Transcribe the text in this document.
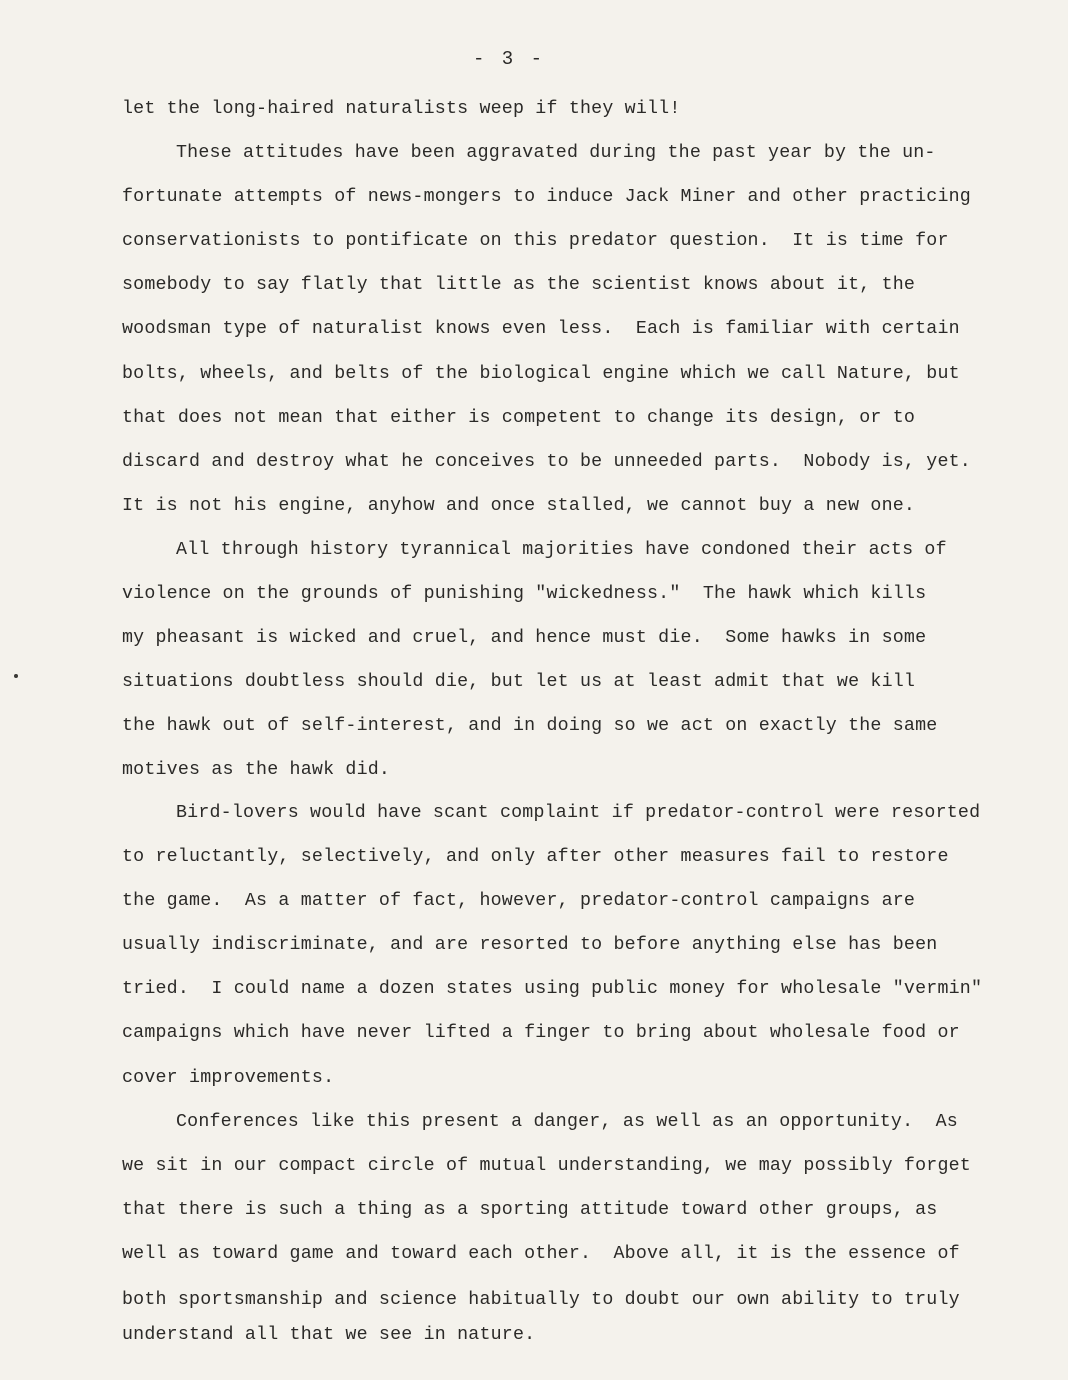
- 3 -
let the long-haired naturalists weep if they will!
These attitudes have been aggravated during the past year by the un-
fortunate attempts of news-mongers to induce Jack Miner and other practicing
conservationists to pontificate on this predator question.  It is time for
somebody to say flatly that little as the scientist knows about it, the
woodsman type of naturalist knows even less.  Each is familiar with certain
bolts, wheels, and belts of the biological engine which we call Nature, but
that does not mean that either is competent to change its design, or to
discard and destroy what he conceives to be unneeded parts.  Nobody is, yet.
It is not his engine, anyhow and once stalled, we cannot buy a new one.
All through history tyrannical majorities have condoned their acts of
violence on the grounds of punishing "wickedness."  The hawk which kills
my pheasant is wicked and cruel, and hence must die.  Some hawks in some
situations doubtless should die, but let us at least admit that we kill
the hawk out of self-interest, and in doing so we act on exactly the same
motives as the hawk did.
Bird-lovers would have scant complaint if predator-control were resorted
to reluctantly, selectively, and only after other measures fail to restore
the game.  As a matter of fact, however, predator-control campaigns are
usually indiscriminate, and are resorted to before anything else has been
tried.  I could name a dozen states using public money for wholesale "vermin"
campaigns which have never lifted a finger to bring about wholesale food or
cover improvements.
Conferences like this present a danger, as well as an opportunity.  As
we sit in our compact circle of mutual understanding, we may possibly forget
that there is such a thing as a sporting attitude toward other groups, as
well as toward game and toward each other.  Above all, it is the essence of
both sportsmanship and science habitually to doubt our own ability to truly
understand all that we see in nature.
